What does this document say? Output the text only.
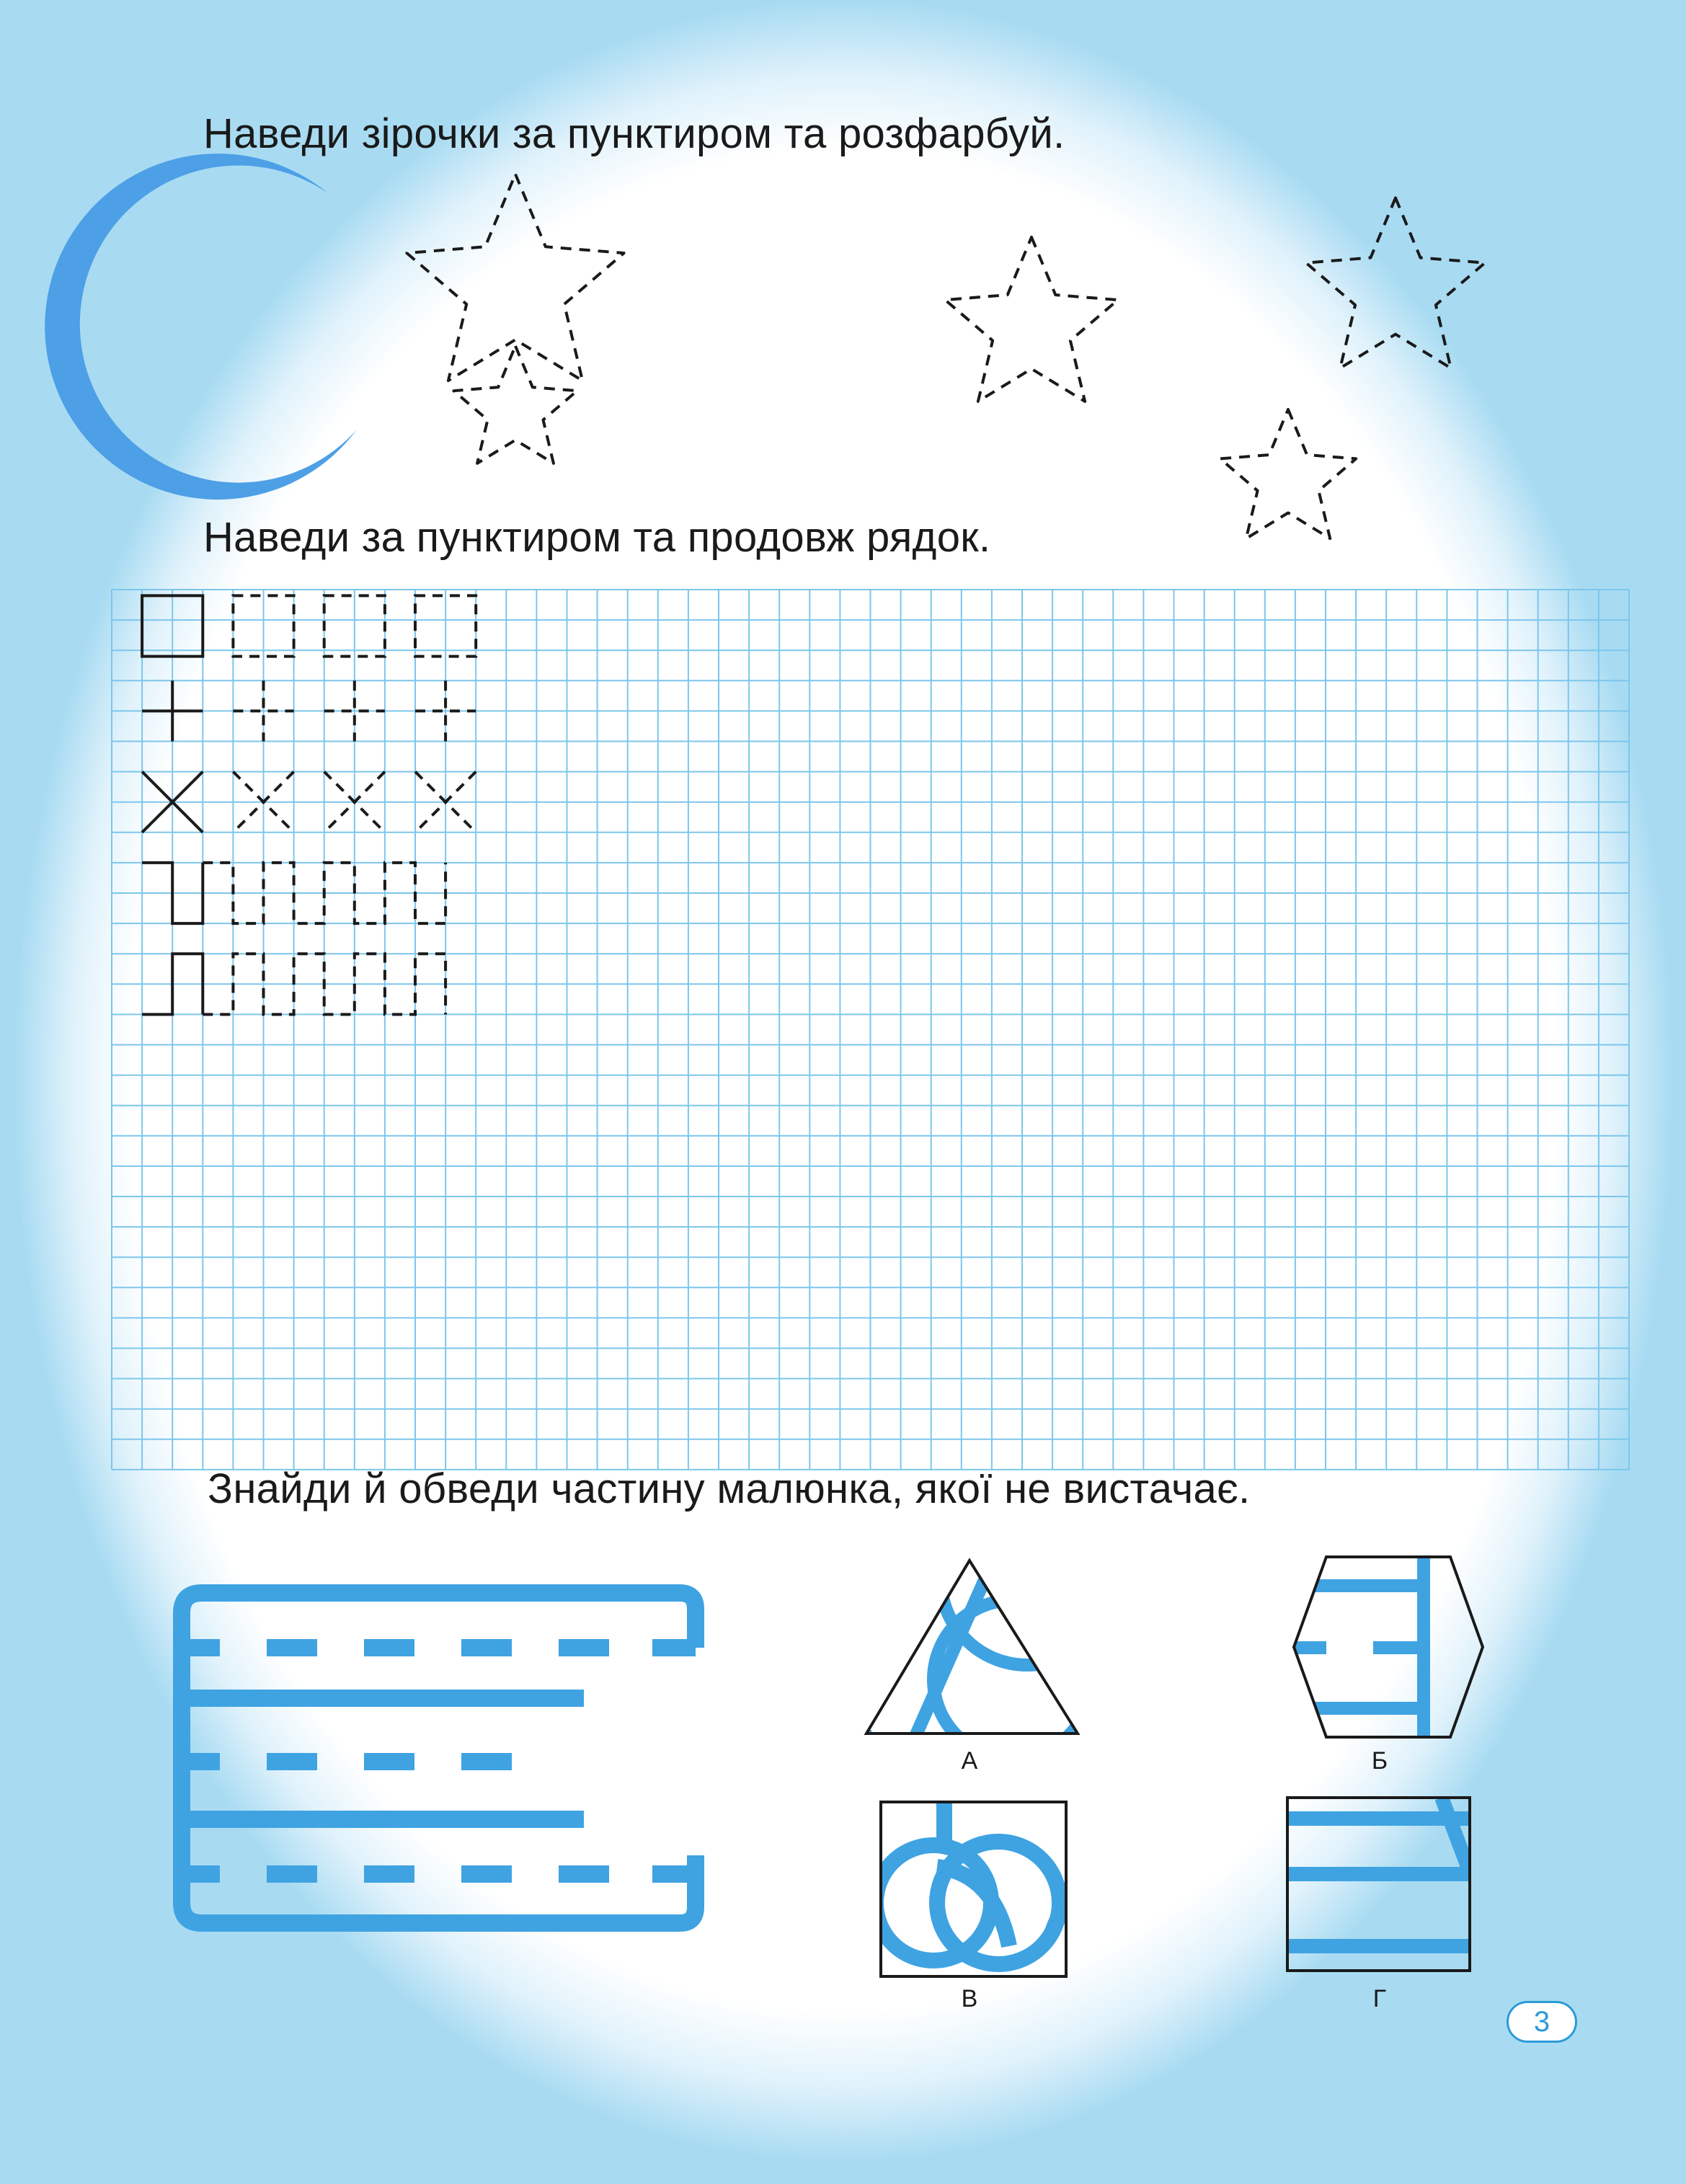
Наведи зірочки за пунктиром та розфарбуй.
Наведи за пунктиром та продовж рядок.
Знайди й обведи частину малюнка, якої не вистачає.
А	Б
В	Г
3
